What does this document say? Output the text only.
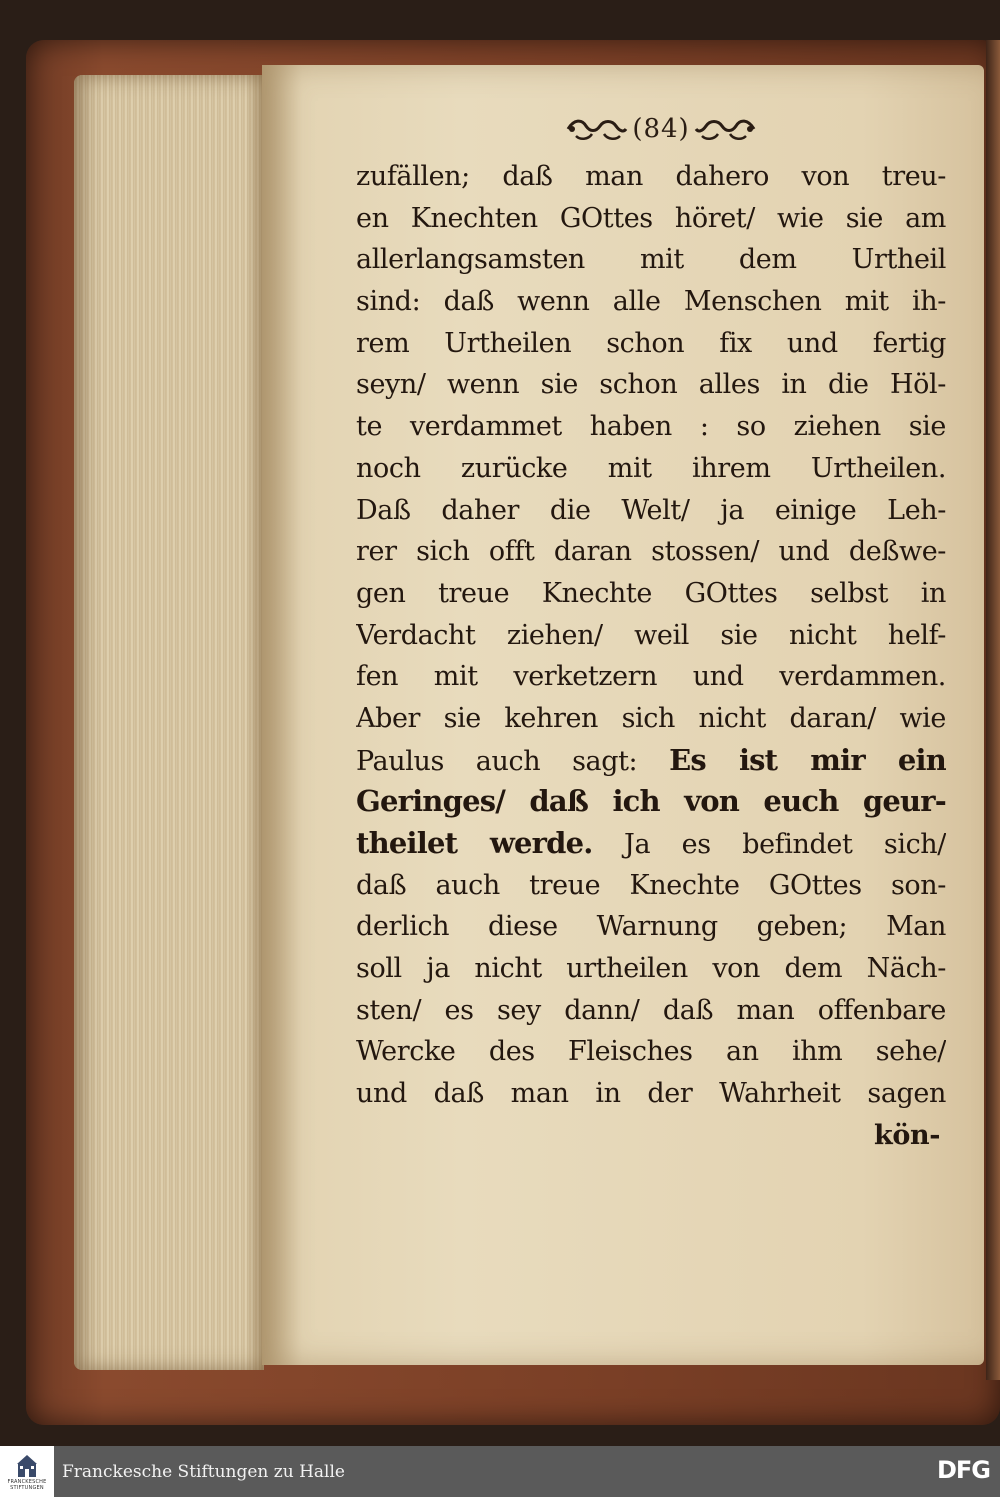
(84)
zufällen; daß man dahero von treu-
en Knechten GOttes höret/ wie sie am
allerlangsamsten mit dem Urtheil
sind: daß wenn alle Menschen mit ih-
rem Urtheilen schon fix und fertig
seyn/ wenn sie schon alles in die Höl-
te verdammet haben : so ziehen sie
noch zurücke mit ihrem Urtheilen.
Daß daher die Welt/ ja einige Leh-
rer sich offt daran stossen/ und deßwe-
gen treue Knechte GOttes selbst in
Verdacht ziehen/ weil sie nicht helf-
fen mit verketzern und verdammen.
Aber sie kehren sich nicht daran/ wie
Paulus auch sagt: Es ist mir ein
Geringes/ daß ich von euch geur-
theilet werde. Ja es befindet sich/
daß auch treue Knechte GOttes son-
derlich diese Warnung geben; Man
soll ja nicht urtheilen von dem Näch-
sten/ es sey dann/ daß man offenbare
Wercke des Fleisches an ihm sehe/
und daß man in der Wahrheit sagen
kön-
FRANCKESCHE STIFTUNGEN
Franckesche Stiftungen zu Halle	DFG
